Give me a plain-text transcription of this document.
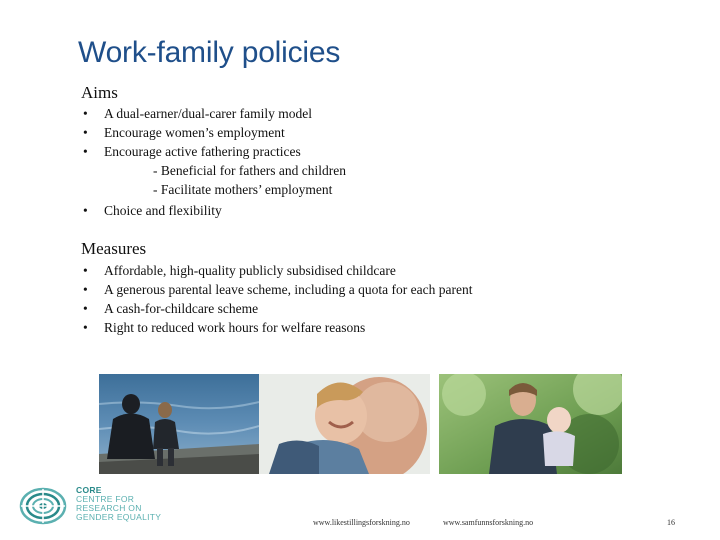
Work-family policies
Aims
• A dual-earner/dual-carer family model
• Encourage women’s employment
• Encourage active fathering practices
- Beneficial for fathers and children
- Facilitate mothers’ employment
• Choice and flexibility
Measures
• Affordable, high-quality publicly subsidised childcare
• A generous parental leave scheme, including a quota for each parent
• A cash-for-childcare scheme
• Right to reduced work hours for welfare reasons
CORE
CENTRE FOR
RESEARCH ON
GENDER EQUALITY
www.likestillingsforskning.no	www.samfunnsforskning.no	16
